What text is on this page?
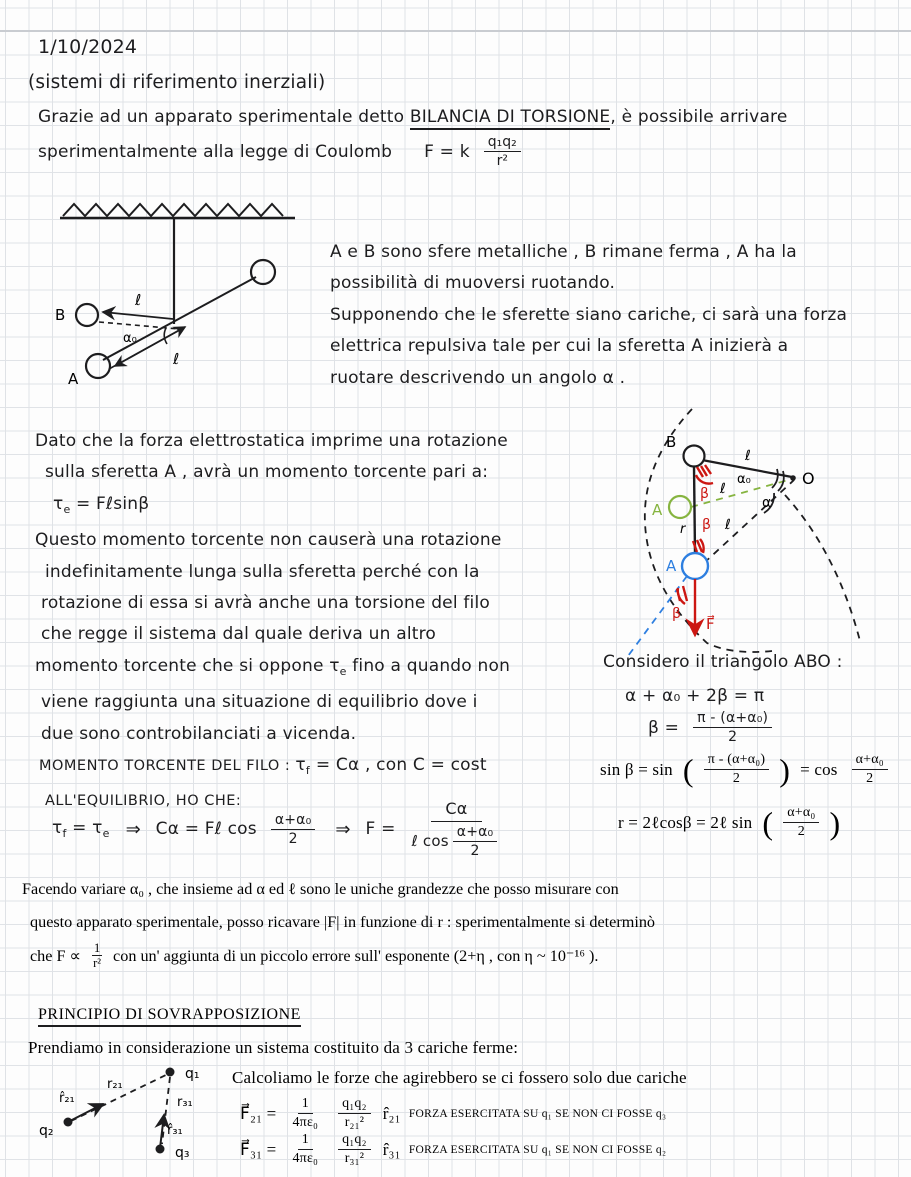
1/10/2024
(sistemi di riferimento inerziali)
Grazie ad un apparato sperimentale detto BILANCIA DI TORSIONE, è possibile arrivare
sperimentalmente alla legge di Coulomb F = k $\frac{\text{q₁q₂}}{\text{r²}}$
B
ℓ
α₀
A
ℓ

A e B sono sfere metalliche , B rimane ferma , A ha la

possibilità di muoversi ruotando.

Supponendo che le sferette siano cariche, ci sarà una forza

elettrica repulsiva tale per cui la sferetta A inizierà a

ruotare descrivendo un angolo α .

Dato che la forza elettrostatica imprime una rotazione

sulla sferetta A , avrà un momento torcente pari a:

$\tau_e$ = Fℓsinβ

Questo momento torcente non causerà una rotazione

indefinitamente lunga sulla sferetta perché con la

rotazione di essa si avrà anche una torsione del filo

che regge il sistema dal quale deriva un altro

momento torcente che si oppone $\tau_e$ fino a quando non

viene raggiunta una situazione di equilibrio dove i

due sono controbilanciati a vicenda.

MOMENTO TORCENTE DEL FILO : $\tau_f = C\alpha$ , con C = cost

ALL'EQUILIBRIO, HO CHE:

$\tau_f = \tau_e$ ⇒ Cα = Fℓ $\cos \frac{\text{α+α₀}}{2}$ ⇒ F =
Cα
ℓ $\cos \frac{\text{α+α₀}}{2}$
B
A
A
O
ℓ
ℓ
ℓ
r
α₀
α
β
β
β
F⃗
Considero il triangolo ABO :
α + α₀ + 2β = π
$\beta = \frac{\text{π - (α+α₀)}}{2}$
sin β = sin ( $\frac{\text{π - (α+α₀)}}{2}$ ) = $\cos \frac{\text{α+α₀}}{2}$
r = 2ℓcosβ = 2ℓ sin ( $\frac{\text{α+α₀}}{2}$ )
Facendo variare α₀ , che insieme ad α ed ℓ sono le uniche grandezze che posso misurare con
questo apparato sperimentale, posso ricavare |F| in funzione di r : sperimentalmente si determinò
che $F \propto \frac{1}{\text{r²}}$ con un' aggiunta di un piccolo errore sull' esponente (2+η , con η ~ 10⁻¹⁶ ).
PRINCIPIO DI SOVRAPPOSIZIONE
Prendiamo in considerazione un sistema costituito da 3 cariche ferme:
q₁
q₂
q₃
r₂₁
r₃₁
r̂₂₁
r̂₃₁
Calcoliamo le forze che agirebbero se ci fossero solo due cariche
F⃗₂₁ = $\frac{1}{\text{4πε₀}} \frac{\text{q₁q₂}}{\text{r₂₁²}}$ r̂₂₁ FORZA ESERCITATA SU q₁ SE NON CI FOSSE q₃
F⃗₃₁ = $\frac{1}{\text{4πε₀}} \frac{\text{q₁q₂}}{\text{r₃₁²}}$ r̂₃₁ FORZA ESERCITATA SU q₁ SE NON CI FOSSE q₂
